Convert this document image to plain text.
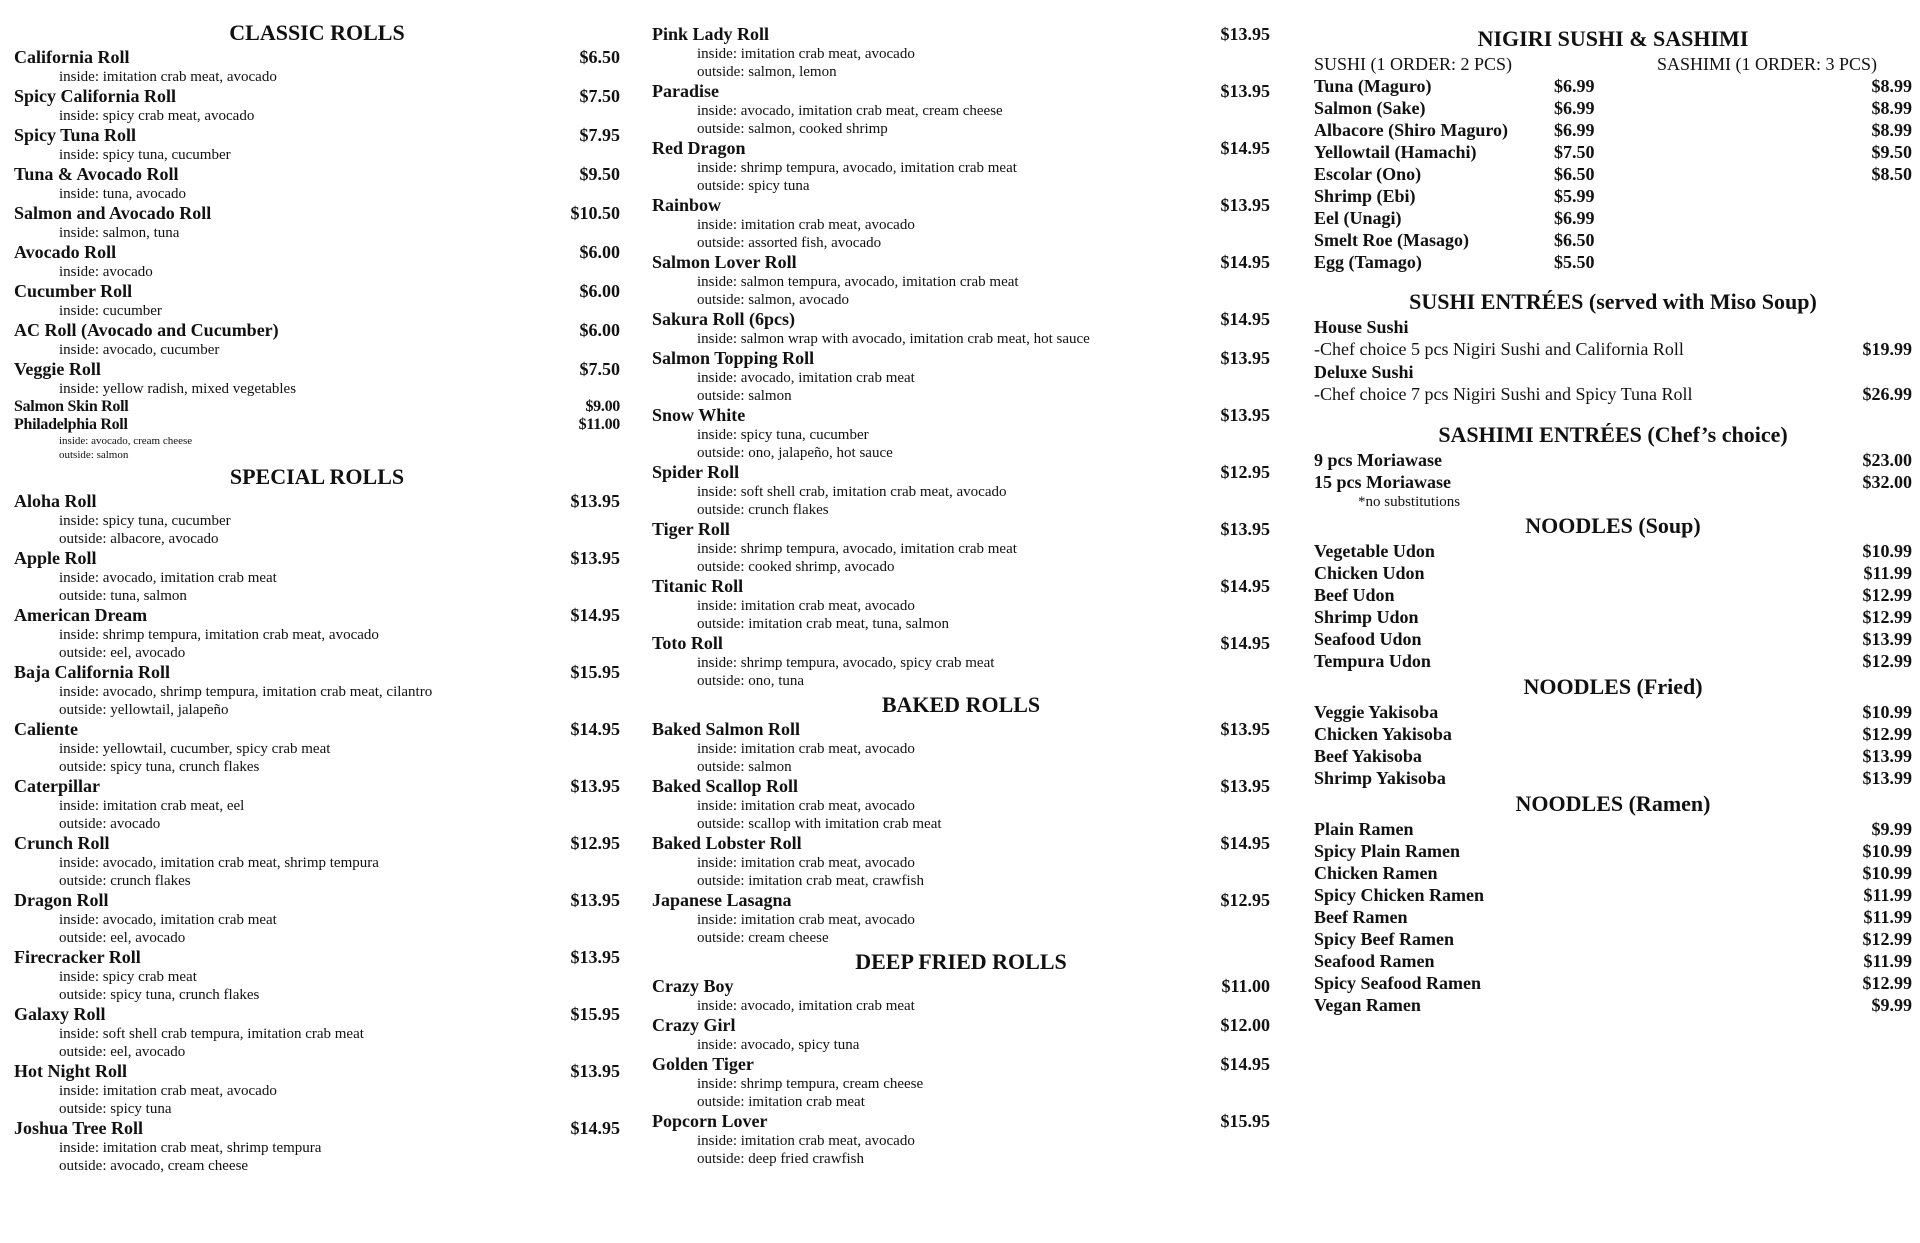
CLASSIC ROLLS
California Roll	$6.50
inside: imitation crab meat, avocado
Spicy California Roll	$7.50
inside: spicy crab meat, avocado
Spicy Tuna Roll	$7.95
inside: spicy tuna, cucumber
Tuna & Avocado Roll	$9.50
inside: tuna, avocado
Salmon and Avocado Roll	$10.50
inside: salmon, tuna
Avocado Roll	$6.00
inside: avocado
Cucumber Roll	$6.00
inside: cucumber
AC Roll (Avocado and Cucumber)	$6.00
inside: avocado, cucumber
Veggie Roll	$7.50
inside: yellow radish, mixed vegetables
Salmon Skin Roll	$9.00
Philadelphia Roll	$11.00
inside: avocado, cream cheese
outside: salmon
SPECIAL ROLLS
Aloha Roll	$13.95
inside: spicy tuna, cucumber
outside: albacore, avocado
Apple Roll	$13.95
inside: avocado, imitation crab meat
outside: tuna, salmon
American Dream	$14.95
inside: shrimp tempura, imitation crab meat, avocado
outside: eel, avocado
Baja California Roll	$15.95
inside: avocado, shrimp tempura, imitation crab meat, cilantro
outside: yellowtail, jalapeño
Caliente	$14.95
inside: yellowtail, cucumber, spicy crab meat
outside: spicy tuna, crunch flakes
Caterpillar	$13.95
inside: imitation crab meat, eel
outside: avocado
Crunch Roll	$12.95
inside: avocado, imitation crab meat, shrimp tempura
outside: crunch flakes
Dragon Roll	$13.95
inside: avocado, imitation crab meat
outside: eel, avocado
Firecracker Roll	$13.95
inside: spicy crab meat
outside: spicy tuna, crunch flakes
Galaxy Roll	$15.95
inside: soft shell crab tempura, imitation crab meat
outside: eel, avocado
Hot Night Roll	$13.95
inside: imitation crab meat, avocado
outside: spicy tuna
Joshua Tree Roll	$14.95
inside: imitation crab meat, shrimp tempura
outside: avocado, cream cheese
Pink Lady Roll	$13.95
inside: imitation crab meat, avocado
outside: salmon, lemon
Paradise	$13.95
inside: avocado, imitation crab meat, cream cheese
outside: salmon, cooked shrimp
Red Dragon	$14.95
inside: shrimp tempura, avocado, imitation crab meat
outside: spicy tuna
Rainbow	$13.95
inside: imitation crab meat, avocado
outside: assorted fish, avocado
Salmon Lover Roll	$14.95
inside: salmon tempura, avocado, imitation crab meat
outside: salmon, avocado
Sakura Roll (6pcs)	$14.95
inside: salmon wrap with avocado, imitation crab meat, hot sauce
Salmon Topping Roll	$13.95
inside: avocado, imitation crab meat
outside: salmon
Snow White	$13.95
inside: spicy tuna, cucumber
outside: ono, jalapeño, hot sauce
Spider Roll	$12.95
inside: soft shell crab, imitation crab meat, avocado
outside: crunch flakes
Tiger Roll	$13.95
inside: shrimp tempura, avocado, imitation crab meat
outside: cooked shrimp, avocado
Titanic Roll	$14.95
inside: imitation crab meat, avocado
outside: imitation crab meat, tuna, salmon
Toto Roll	$14.95
inside: shrimp tempura, avocado, spicy crab meat
outside: ono, tuna
BAKED ROLLS
Baked Salmon Roll	$13.95
inside: imitation crab meat, avocado
outside: salmon
Baked Scallop Roll	$13.95
inside: imitation crab meat, avocado
outside: scallop with imitation crab meat
Baked Lobster Roll	$14.95
inside: imitation crab meat, avocado
outside: imitation crab meat, crawfish
Japanese Lasagna	$12.95
inside: imitation crab meat, avocado
outside: cream cheese
DEEP FRIED ROLLS
Crazy Boy	$11.00
inside: avocado, imitation crab meat
Crazy Girl	$12.00
inside: avocado, spicy tuna
Golden Tiger	$14.95
inside: shrimp tempura, cream cheese
outside: imitation crab meat
Popcorn Lover	$15.95
inside: imitation crab meat, avocado
outside: deep fried crawfish
NIGIRI SUSHI & SASHIMI
SUSHI (1 ORDER: 2 PCS)	SASHIMI (1 ORDER: 3 PCS)
Tuna (Maguro)	$6.99	$8.99
Salmon (Sake)	$6.99	$8.99
Albacore (Shiro Maguro)	$6.99	$8.99
Yellowtail (Hamachi)	$7.50	$9.50
Escolar (Ono)	$6.50	$8.50
Shrimp (Ebi)	$5.99
Eel (Unagi)	$6.99
Smelt Roe (Masago)	$6.50
Egg (Tamago)	$5.50
SUSHI ENTRÉES (served with Miso Soup)
House Sushi
-Chef choice 5 pcs Nigiri Sushi and California Roll	$19.99
Deluxe Sushi
-Chef choice 7 pcs Nigiri Sushi and Spicy Tuna Roll	$26.99
SASHIMI ENTRÉES (Chef’s choice)
9 pcs Moriawase	$23.00
15 pcs Moriawase	$32.00
*no substitutions
NOODLES (Soup)
Vegetable Udon	$10.99
Chicken Udon	$11.99
Beef Udon	$12.99
Shrimp Udon	$12.99
Seafood Udon	$13.99
Tempura Udon	$12.99
NOODLES (Fried)
Veggie Yakisoba	$10.99
Chicken Yakisoba	$12.99
Beef Yakisoba	$13.99
Shrimp Yakisoba	$13.99
NOODLES (Ramen)
Plain Ramen	$9.99
Spicy Plain Ramen	$10.99
Chicken Ramen	$10.99
Spicy Chicken Ramen	$11.99
Beef Ramen	$11.99
Spicy Beef Ramen	$12.99
Seafood Ramen	$11.99
Spicy Seafood Ramen	$12.99
Vegan Ramen	$9.99
